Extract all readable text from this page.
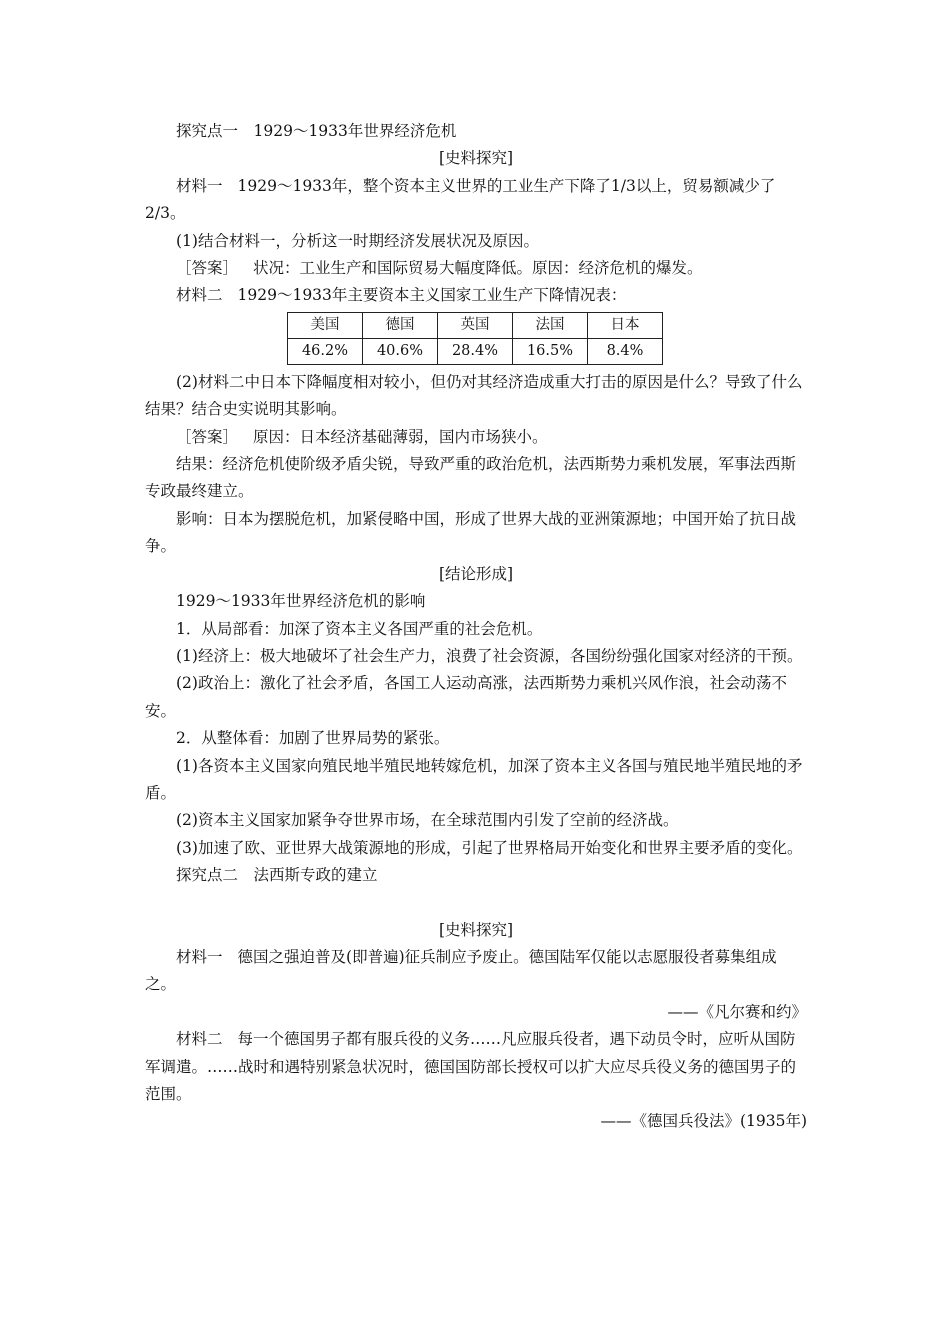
探究点一　1929～1933年世界经济危机

[史料探究]

材料一 1929～1933年，整个资本主义世界的工业生产下降了1/3以上，贸易额减少了2/3。

(1)结合材料一，分析这一时期经济发展状况及原因。

［答案］ 状况：工业生产和国际贸易大幅度降低。原因：经济危机的爆发。

材料二 1929～1933年主要资本主义国家工业生产下降情况表：

美国	德国	英国	法国	日本
46.2%	40.6%	28.4%	16.5%	8.4%

(2)材料二中日本下降幅度相对较小，但仍对其经济造成重大打击的原因是什么？导致了什么结果？结合史实说明其影响。

［答案］ 原因：日本经济基础薄弱，国内市场狭小。

结果：经济危机使阶级矛盾尖锐，导致严重的政治危机，法西斯势力乘机发展，军事法西斯专政最终建立。

影响：日本为摆脱危机，加紧侵略中国，形成了世界大战的亚洲策源地；中国开始了抗日战争。

[结论形成]

1929～1933年世界经济危机的影响

1．从局部看：加深了资本主义各国严重的社会危机。

(1)经济上：极大地破坏了社会生产力，浪费了社会资源，各国纷纷强化国家对经济的干预。

(2)政治上：激化了社会矛盾，各国工人运动高涨，法西斯势力乘机兴风作浪，社会动荡不安。

2．从整体看：加剧了世界局势的紧张。

(1)各资本主义国家向殖民地半殖民地转嫁危机，加深了资本主义各国与殖民地半殖民地的矛盾。

(2)资本主义国家加紧争夺世界市场，在全球范围内引发了空前的经济战。

(3)加速了欧、亚世界大战策源地的形成，引起了世界格局开始变化和世界主要矛盾的变化。

探究点二　法西斯专政的建立

[史料探究]

材料一 德国之强迫普及(即普遍)征兵制应予废止。德国陆军仅能以志愿服役者募集组成之。

——《凡尔赛和约》

材料二 每一个德国男子都有服兵役的义务……凡应服兵役者，遇下动员令时，应听从国防军调遣。……战时和遇特别紧急状况时，德国国防部长授权可以扩大应尽兵役义务的德国男子的范围。

——《德国兵役法》(1935年)
